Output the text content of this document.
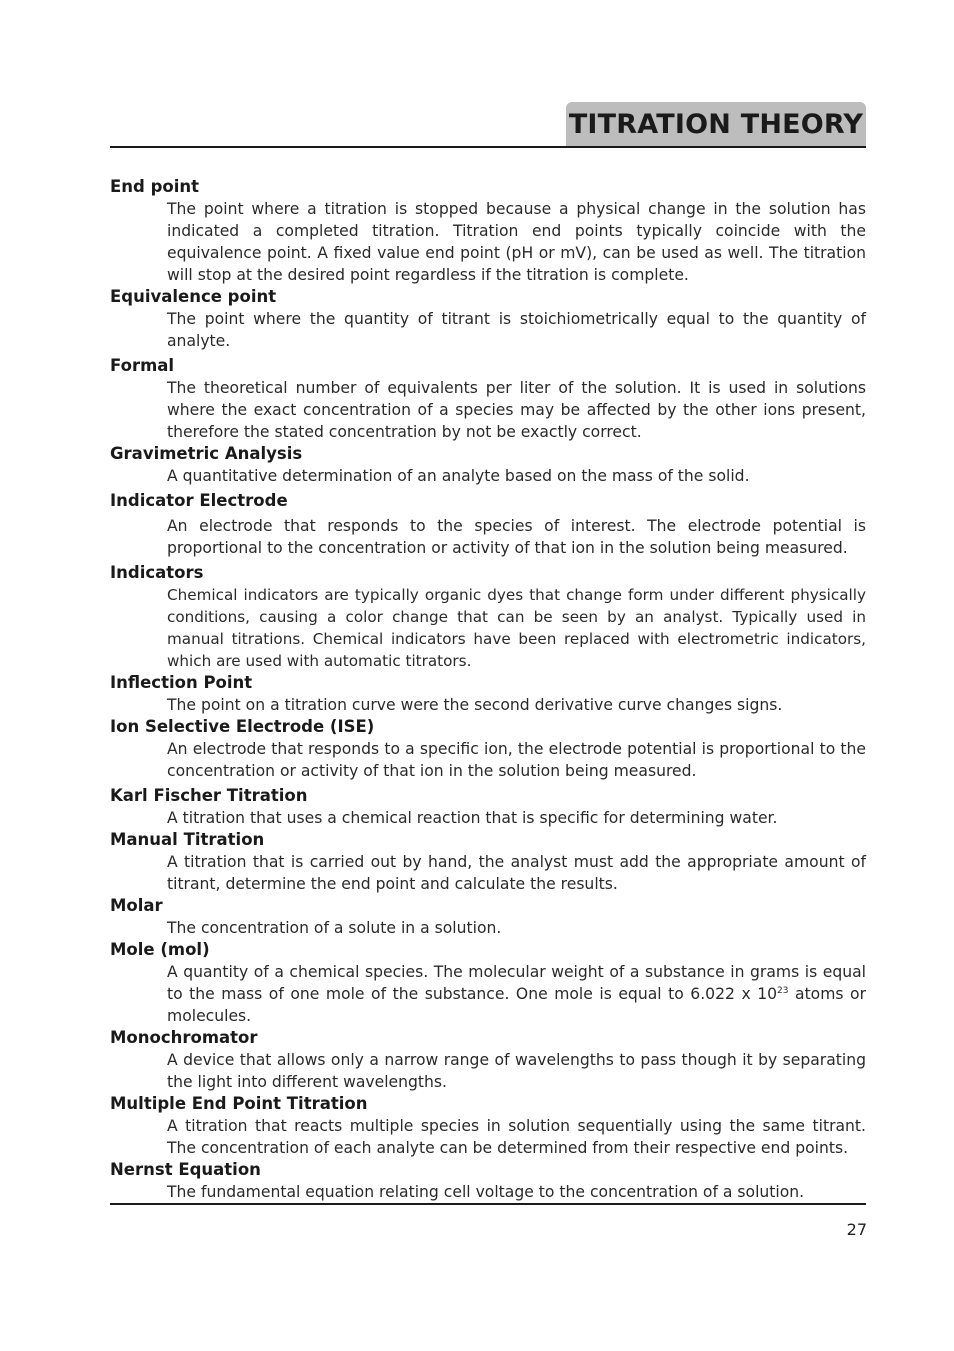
TITRATION THEORY

End point

The point where a titration is stopped because a physical change in the solution has indicated a completed titration. Titration end points typically coincide with the equivalence point. A fixed value end point (pH or mV), can be used as well. The titration will stop at the desired point regardless if the titration is complete.

Equivalence point

The point where the quantity of titrant is stoichiometrically equal to the quantity of analyte.

Formal

The theoretical number of equivalents per liter of the solution. It is used in solutions where the exact concentration of a species may be affected by the other ions present, therefore the stated concentration by not be exactly correct.

Gravimetric Analysis

A quantitative determination of an analyte based on the mass of the solid.

Indicator Electrode

An electrode that responds to the species of interest. The electrode potential is proportional to the concentration or activity of that ion in the solution being measured.

Indicators

Chemical indicators are typically organic dyes that change form under different physically conditions, causing a color change that can be seen by an analyst. Typically used in manual titrations. Chemical indicators have been replaced with electrometric indicators, which are used with automatic titrators.

Inflection Point

The point on a titration curve were the second derivative curve changes signs.

Ion Selective Electrode (ISE)

An electrode that responds to a specific ion, the electrode potential is proportional to the concentration or activity of that ion in the solution being measured.

Karl Fischer Titration

A titration that uses a chemical reaction that is specific for determining water.

Manual Titration

A titration that is carried out by hand, the analyst must add the appropriate amount of titrant, determine the end point and calculate the results.

Molar

The concentration of a solute in a solution.

Mole (mol)

A quantity of a chemical species. The molecular weight of a substance in grams is equal to the mass of one mole of the substance. One mole is equal to 6.022 x $10^{23}$ atoms or molecules.

Monochromator

A device that allows only a narrow range of wavelengths to pass though it by separating the light into different wavelengths.

Multiple End Point Titration

A titration that reacts multiple species in solution sequentially using the same titrant. The concentration of each analyte can be determined from their respective end points.

Nernst Equation

The fundamental equation relating cell voltage to the concentration of a solution.

27
